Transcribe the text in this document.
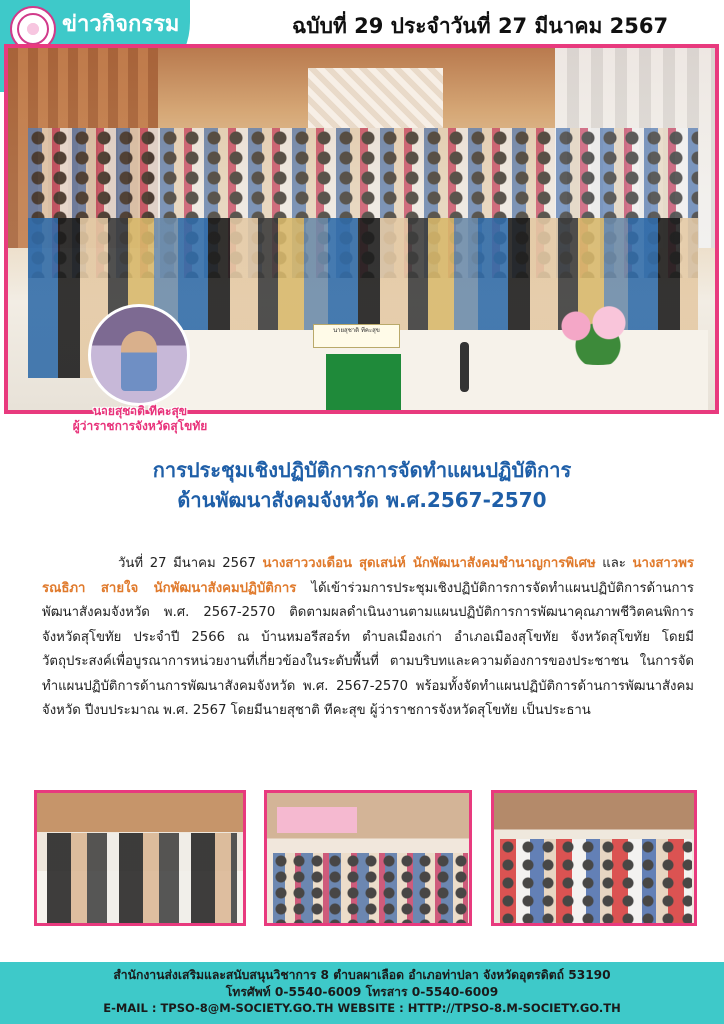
ข่าวกิจกรรม	ฉบับที่ 29 ประจำวันที่ 27 มีนาคม 2567
นายสุชาติ ทีคะสุข
นายสุชาติ ทีคะสุข
ผู้ว่าราชการจังหวัดสุโขทัย
การประชุมเชิงปฏิบัติการการจัดทำแผนปฏิบัติการ
ด้านพัฒนาสังคมจังหวัด พ.ศ.2567-2570
วันที่ 27 มีนาคม 2567 นางสาววงเดือน สุดเสน่ห์ นักพัฒนาสังคมชำนาญการพิเศษ และ นางสาวพรรณธิภา สายใจ นักพัฒนาสังคมปฏิบัติการ ได้เข้าร่วมการประชุมเชิงปฏิบัติการการจัดทำแผนปฏิบัติการด้านการพัฒนาสังคมจังหวัด พ.ศ. 2567-2570 ติดตามผลดำเนินงานตามแผนปฏิบัติการการพัฒนาคุณภาพชีวิตคนพิการจังหวัดสุโขทัย ประจำปี 2566 ณ บ้านหมอรีสอร์ท ตำบลเมืองเก่า อำเภอเมืองสุโขทัย จังหวัดสุโขทัย โดยมีวัตถุประสงค์เพื่อบูรณาการหน่วยงานที่เกี่ยวข้องในระดับพื้นที่ ตามบริบทและความต้องการของประชาชน ในการจัดทำแผนปฏิบัติการด้านการพัฒนาสังคมจังหวัด พ.ศ. 2567-2570 พร้อมทั้งจัดทำแผนปฏิบัติการด้านการพัฒนาสังคมจังหวัด ปีงบประมาณ พ.ศ. 2567 โดยมีนายสุชาติ ทีคะสุข ผู้ว่าราชการจังหวัดสุโขทัย เป็นประธาน
สำนักงานส่งเสริมและสนับสนุนวิชาการ 8 ตำบลผาเลือด อำเภอท่าปลา จังหวัดอุตรดิตถ์ 53190
โทรศัพท์ 0-5540-6009 โทรสาร 0-5540-6009
E-MAIL : TPSO-8@M-SOCIETY.GO.TH WEBSITE : HTTP://TPSO-8.M-SOCIETY.GO.TH
